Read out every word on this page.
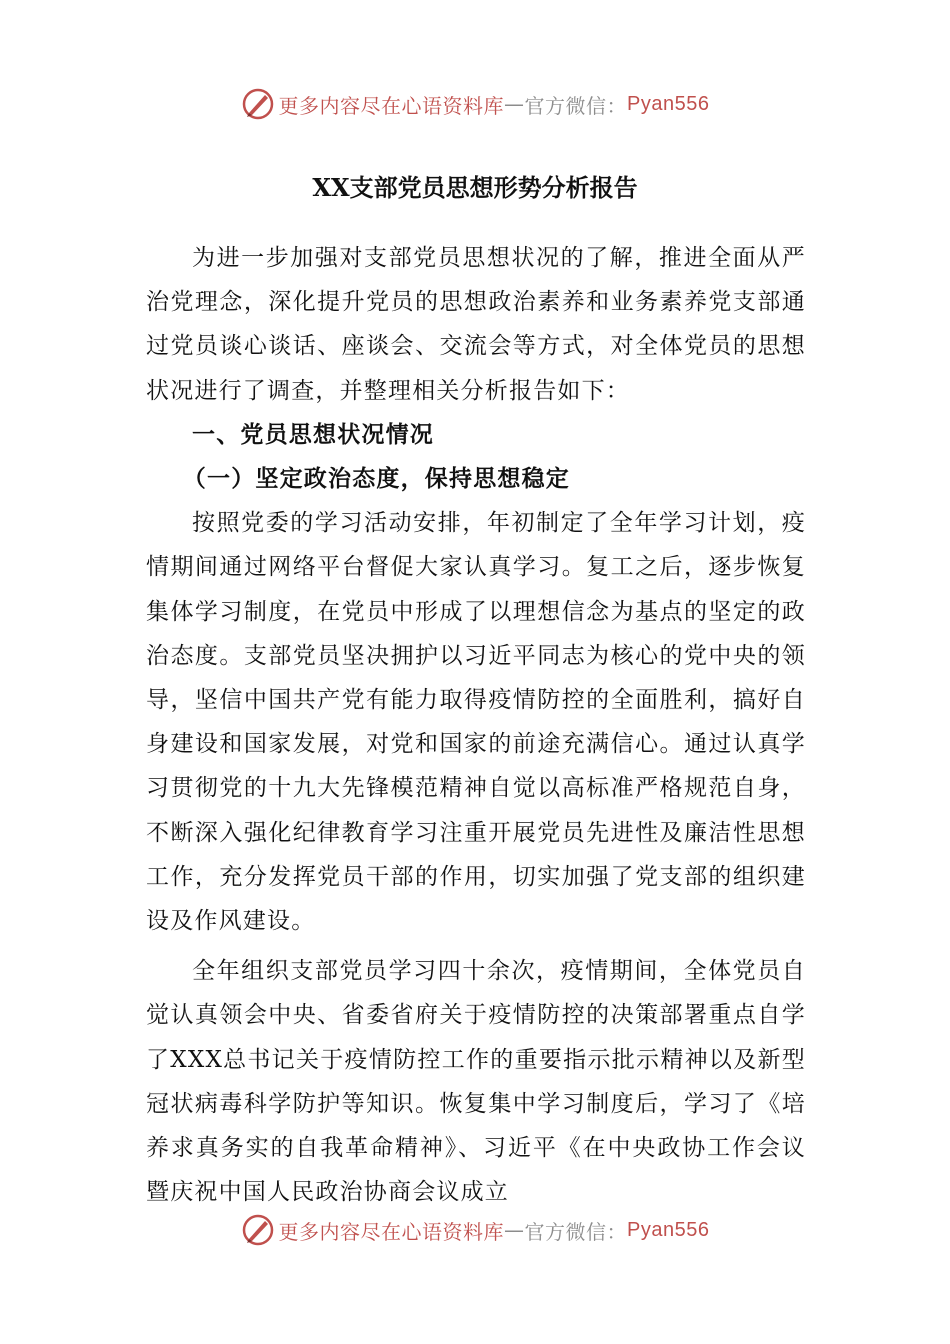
更多内容尽在心语资料库 — 官方微信： Pyan556
XX支部党员思想形势分析报告

为进一步加强对支部党员思想状况的了解，推进全面从严治党理念，深化提升党员的思想政治素养和业务素养党支部通过党员谈心谈话、座谈会、交流会等方式，对全体党员的思想状况进行了调查，并整理相关分析报告如下：

一、党员思想状况情况
（一）坚定政治态度，保持思想稳定

按照党委的学习活动安排，年初制定了全年学习计划，疫情期间通过网络平台督促大家认真学习。复工之后，逐步恢复集体学习制度，在党员中形成了以理想信念为基点的坚定的政治态度。支部党员坚决拥护以习近平同志为核心的党中央的领导，坚信中国共产党有能力取得疫情防控的全面胜利，搞好自身建设和国家发展，对党和国家的前途充满信心。通过认真学习贯彻党的十九大先锋模范精神自觉以高标准严格规范自身，不断深入强化纪律教育学习注重开展党员先进性及廉洁性思想工作，充分发挥党员干部的作用，切实加强了党支部的组织建设及作风建设。

全年组织支部党员学习四十余次，疫情期间，全体党员自觉认真领会中央、省委省府关于疫情防控的决策部署重点自学了XXX总书记关于疫情防控工作的重要指示批示精神以及新型冠状病毒科学防护等知识。恢复集中学习制度后，学习了《培养求真务实的自我革命精神》、习近平《在中央政协工作会议暨庆祝中国人民政治协商会议成立

更多内容尽在心语资料库 — 官方微信： Pyan556
